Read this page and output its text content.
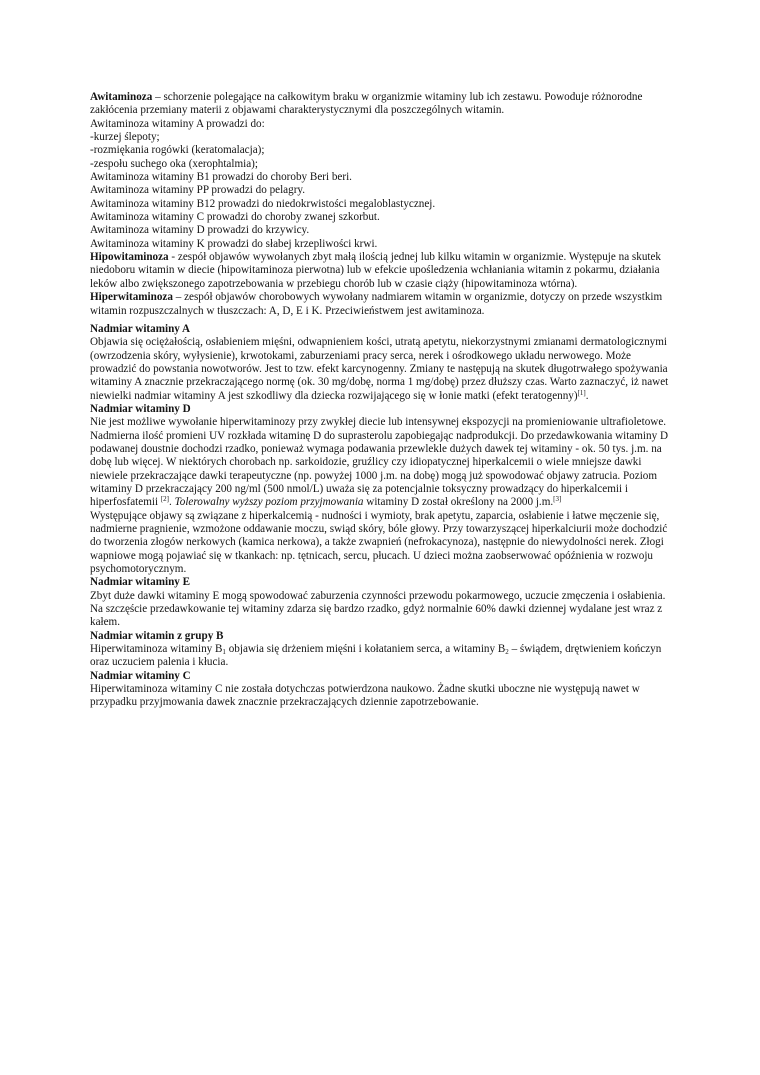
Awitaminoza – schorzenie polegające na całkowitym braku w organizmie witaminy lub ich zestawu. Powoduje różnorodne zakłócenia przemiany materii z objawami charakterystycznymi dla poszczególnych witamin.

Awitaminoza witaminy A prowadzi do:

-kurzej ślepoty;

-rozmiękania rogówki (keratomalacja);

-zespołu suchego oka (xerophtalmia);

Awitaminoza witaminy B1 prowadzi do choroby Beri beri.

Awitaminoza witaminy PP prowadzi do pelagry.

Awitaminoza witaminy B12 prowadzi do niedokrwistości megaloblastycznej.

Awitaminoza witaminy C prowadzi do choroby zwanej szkorbut.

Awitaminoza witaminy D prowadzi do krzywicy.

Awitaminoza witaminy K prowadzi do słabej krzepliwości krwi.

Hipowitaminoza - zespół objawów wywołanych zbyt małą ilością jednej lub kilku witamin w organizmie. Występuje na skutek niedoboru witamin w diecie (hipowitaminoza pierwotna) lub w efekcie upośledzenia wchłaniania witamin z pokarmu, działania leków albo zwiększonego zapotrzebowania w przebiegu chorób lub w czasie ciąży (hipowitaminoza wtórna).

Hiperwitaminoza – zespół objawów chorobowych wywołany nadmiarem witamin w organizmie, dotyczy on przede wszystkim witamin rozpuszczalnych w tłuszczach: A, D, E i K. Przeciwieństwem jest awitaminoza.

Nadmiar witaminy A

Objawia się ociężałością, osłabieniem mięśni, odwapnieniem kości, utratą apetytu, niekorzystnymi zmianami dermatologicznymi (owrzodzenia skóry, wyłysienie), krwotokami, zaburzeniami pracy serca, nerek i ośrodkowego układu nerwowego. Może prowadzić do powstania nowotworów. Jest to tzw. efekt karcynogenny. Zmiany te następują na skutek długotrwałego spożywania witaminy A znacznie przekraczającego normę (ok. 30 mg/dobę, norma 1 mg/dobę) przez dłuższy czas. Warto zaznaczyć, iż nawet niewielki nadmiar witaminy A jest szkodliwy dla dziecka rozwijającego się w łonie matki (efekt teratogenny)[1].

Nadmiar witaminy D

Nie jest możliwe wywołanie hiperwitaminozy przy zwykłej diecie lub intensywnej ekspozycji na promieniowanie ultrafioletowe. Nadmierna ilość promieni UV rozkłada witaminę D do suprasterolu zapobiegając nadprodukcji. Do przedawkowania witaminy D podawanej doustnie dochodzi rzadko, ponieważ wymaga podawania przewlekle dużych dawek tej witaminy - ok. 50 tys. j.m. na dobę lub więcej. W niektórych chorobach np. sarkoidozie, gruźlicy czy idiopatycznej hiperkalcemii o wiele mniejsze dawki niewiele przekraczające dawki terapeutyczne (np. powyżej 1000 j.m. na dobę) mogą już spowodować objawy zatrucia. Poziom witaminy D przekraczający 200 ng/ml (500 nmol/L) uważa się za potencjalnie toksyczny prowadzący do hiperkalcemii i hiperfosfatemii [2]. Tolerowalny wyższy poziom przyjmowania witaminy D został określony na 2000 j.m.[3]

Występujące objawy są związane z hiperkalcemią - nudności i wymioty, brak apetytu, zaparcia, osłabienie i łatwe męczenie się, nadmierne pragnienie, wzmożone oddawanie moczu, swiąd skóry, bóle głowy. Przy towarzyszącej hiperkalciurii może dochodzić do tworzenia złogów nerkowych (kamica nerkowa), a także zwapnień (nefrokacynoza), następnie do niewydolności nerek. Złogi wapniowe mogą pojawiać się w tkankach: np. tętnicach, sercu, płucach. U dzieci można zaobserwować opóźnienia w rozwoju psychomotorycznym.

Nadmiar witaminy E

Zbyt duże dawki witaminy E mogą spowodować zaburzenia czynności przewodu pokarmowego, uczucie zmęczenia i osłabienia. Na szczęście przedawkowanie tej witaminy zdarza się bardzo rzadko, gdyż normalnie 60% dawki dziennej wydalane jest wraz z kałem.

Nadmiar witamin z grupy B

Hiperwitaminoza witaminy $B_1$ objawia się drżeniem mięśni i kołataniem serca, a witaminy $B_2$ – świądem, drętwieniem kończyn oraz uczuciem palenia i kłucia.

Nadmiar witaminy C

Hiperwitaminoza witaminy C nie została dotychczas potwierdzona naukowo. Żadne skutki uboczne nie występują nawet w przypadku przyjmowania dawek znacznie przekraczających dziennie zapotrzebowanie.
